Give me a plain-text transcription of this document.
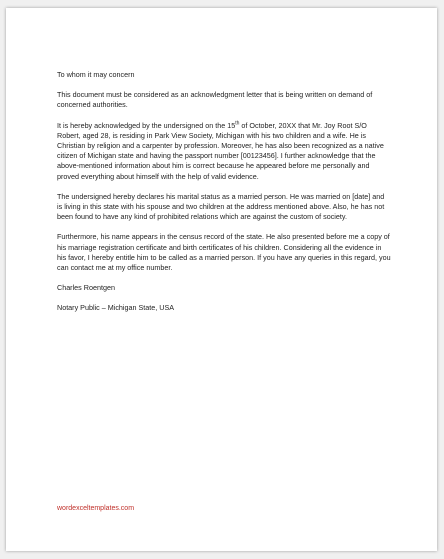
To whom it may concern

This document must be considered as an acknowledgment letter that is being written on demand of concerned authorities.

It is hereby acknowledged by the undersigned on the 15th of October, 20XX that Mr. Joy Root S/O Robert, aged 28, is residing in Park View Society, Michigan with his two children and a wife. He is Christian by religion and a carpenter by profession. Moreover, he has also been recognized as a native citizen of Michigan state and having the passport number [00123456]. I further acknowledge that the above-mentioned information about him is correct because he appeared before me personally and proved everything about himself with the help of valid evidence.

The undersigned hereby declares his marital status as a married person. He was married on [date] and is living in this state with his spouse and two children at the address mentioned above. Also, he has not been found to have any kind of prohibited relations which are against the custom of society.

Furthermore, his name appears in the census record of the state. He also presented before me a copy of his marriage registration certificate and birth certificates of his children. Considering all the evidence in his favor, I hereby entitle him to be called as a married person. If you have any queries in this regard, you can contact me at my office number.

Charles Roentgen

Notary Public – Michigan State, USA

wordexceltemplates.com
